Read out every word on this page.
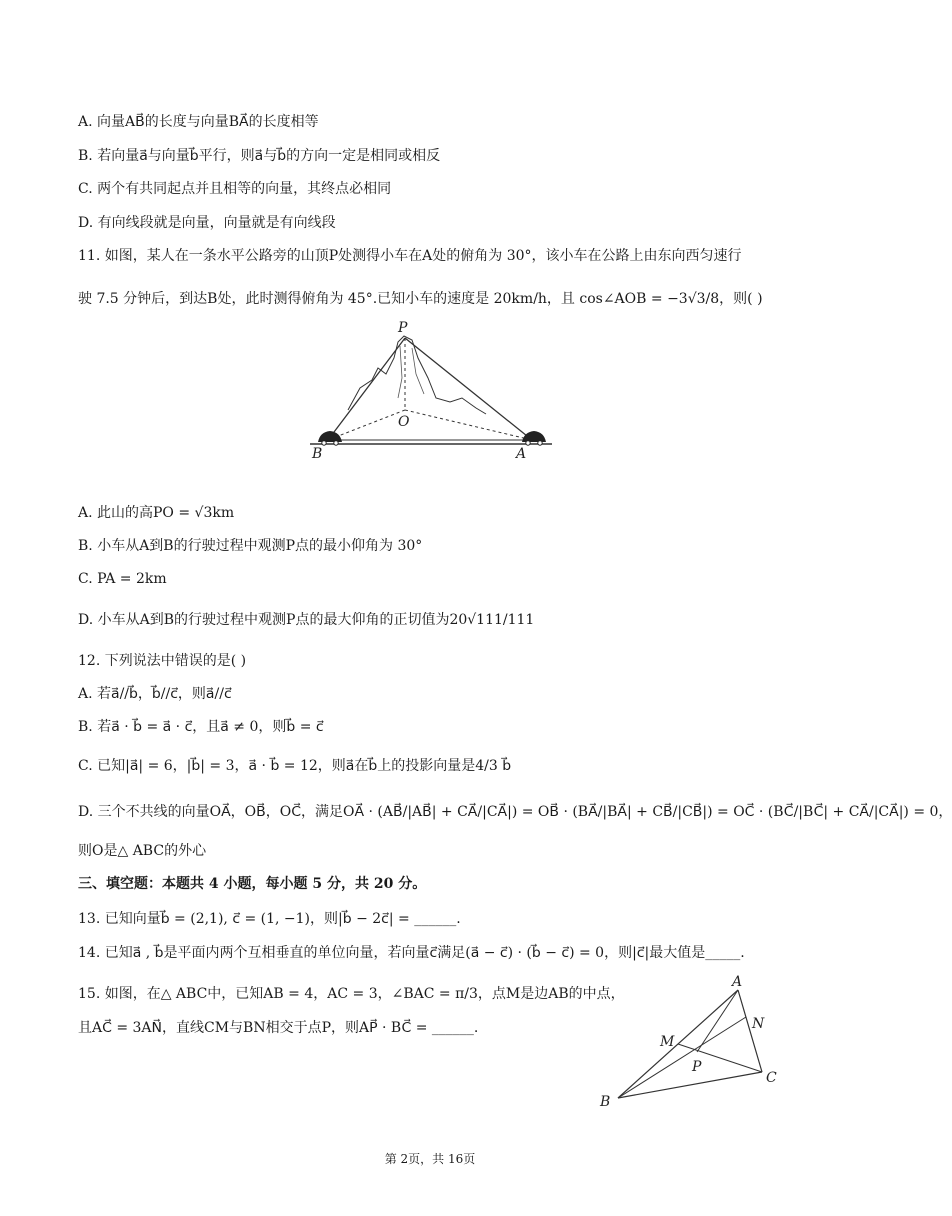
A. 向量AB⃗的长度与向量BA⃗的长度相等
B. 若向量a⃗与向量b⃗平行，则a⃗与b⃗的方向一定是相同或相反
C. 两个有共同起点并且相等的向量，其终点必相同
D. 有向线段就是向量，向量就是有向线段
11. 如图，某人在一条水平公路旁的山顶P处测得小车在A处的俯角为 30°，该小车在公路上由东向西匀速行
驶 7.5 分钟后，到达B处，此时测得俯角为 45°.已知小车的速度是 20km/h，且 cos∠AOB = −3√3/8，则( )
A. 此山的高PO = √3km
B. 小车从A到B的行驶过程中观测P点的最小仰角为 30°
C. PA = 2km
D. 小车从A到B的行驶过程中观测P点的最大仰角的正切值为20√111/111
12. 下列说法中错误的是( )
A. 若a⃗//b⃗，b⃗//c⃗，则a⃗//c⃗
B. 若a⃗ · b⃗ = a⃗ · c⃗，且a⃗ ≠ 0，则b⃗ = c⃗
C. 已知|a⃗| = 6，|b⃗| = 3，a⃗ · b⃗ = 12，则a⃗在b⃗上的投影向量是4/3 b⃗
D. 三个不共线的向量OA⃗，OB⃗，OC⃗，满足OA⃗ · (AB⃗/|AB⃗| + CA⃗/|CA⃗|) = OB⃗ · (BA⃗/|BA⃗| + CB⃗/|CB⃗|) = OC⃗ · (BC⃗/|BC⃗| + CA⃗/|CA⃗|) = 0，
则O是△ ABC的外心
三、填空题：本题共 4 小题，每小题 5 分，共 20 分。
13. 已知向量b⃗ = (2,1), c⃗ = (1, −1)，则|b⃗ − 2c⃗| = ______.
14. 已知a⃗ , b⃗是平面内两个互相垂直的单位向量，若向量c⃗满足(a⃗ − c⃗) · (b⃗ − c⃗) = 0，则|c⃗|最大值是_____.
15. 如图，在△ ABC中，已知AB = 4，AC = 3，∠BAC = π/3，点M是边AB的中点，
且AC⃗ = 3AN⃗，直线CM与BN相交于点P，则AP⃗ · BC⃗ = ______.
P
O
B	A
A
N
M
P
C
B
第 2页，共 16页
